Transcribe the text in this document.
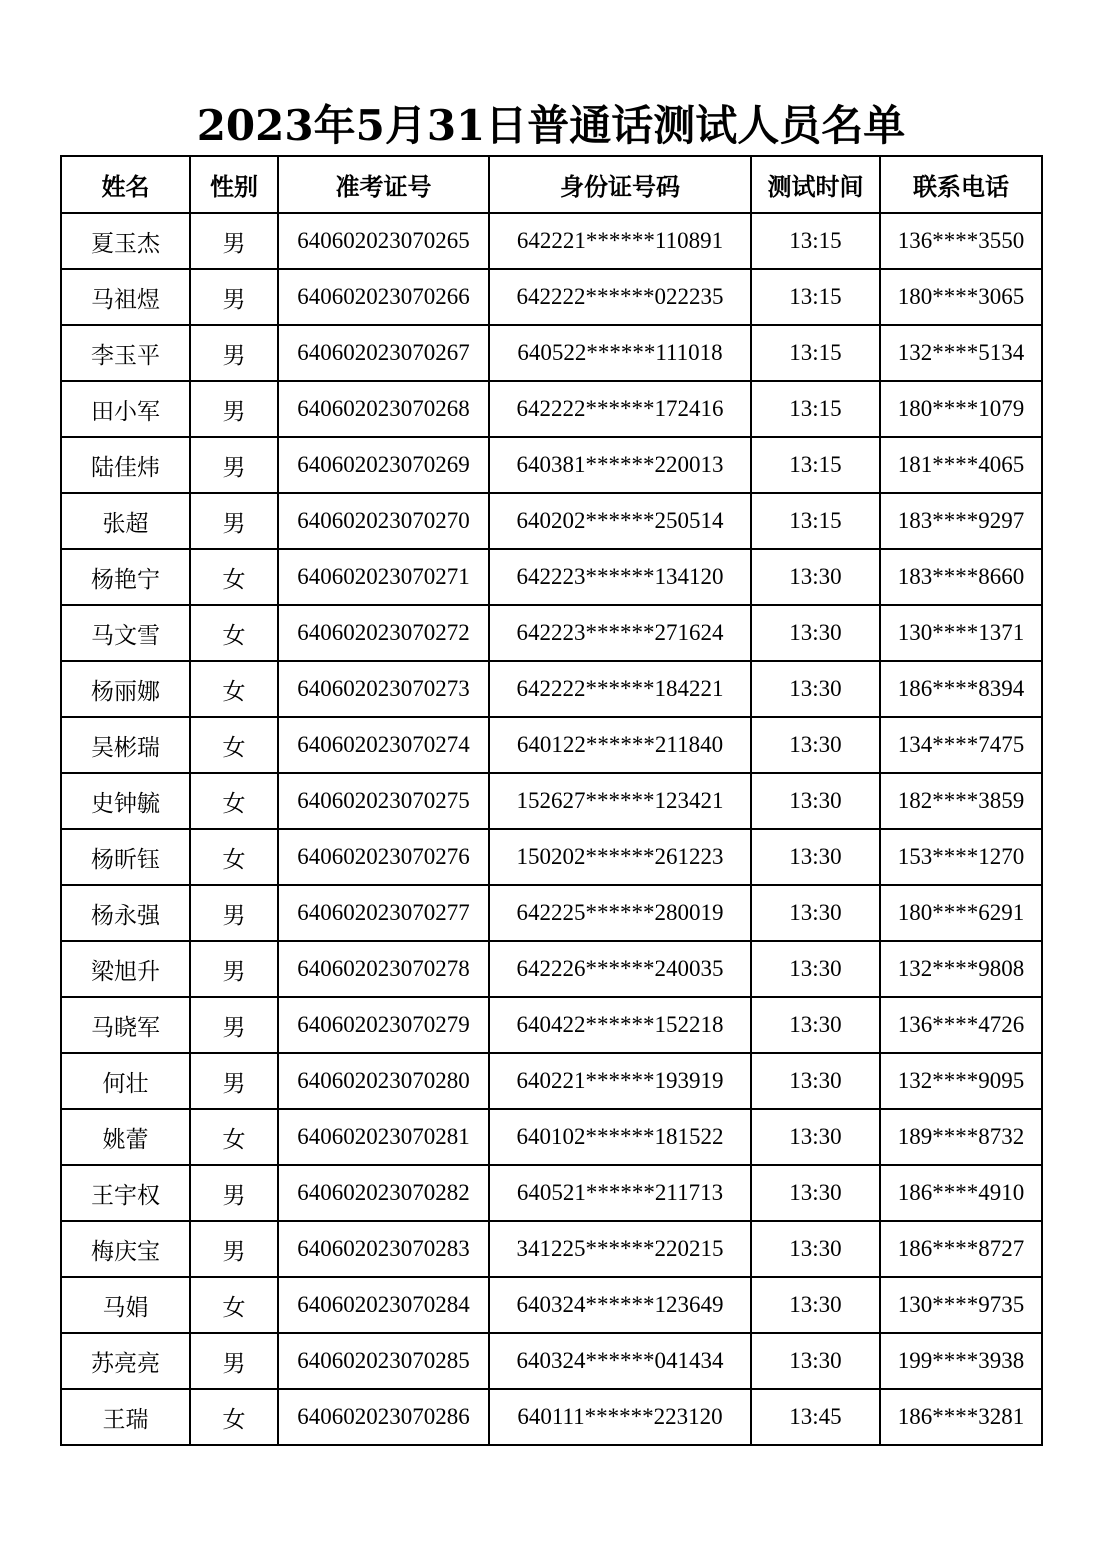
2023年5月31日普通话测试人员名单
姓名	性别	准考证号	身份证号码	测试时间	联系电话
夏玉杰	男	640602023070265	642221******110891	13:15	136****3550
马祖煜	男	640602023070266	642222******022235	13:15	180****3065
李玉平	男	640602023070267	640522******111018	13:15	132****5134
田小军	男	640602023070268	642222******172416	13:15	180****1079
陆佳炜	男	640602023070269	640381******220013	13:15	181****4065
张超	男	640602023070270	640202******250514	13:15	183****9297
杨艳宁	女	640602023070271	642223******134120	13:30	183****8660
马文雪	女	640602023070272	642223******271624	13:30	130****1371
杨丽娜	女	640602023070273	642222******184221	13:30	186****8394
吴彬瑞	女	640602023070274	640122******211840	13:30	134****7475
史钟毓	女	640602023070275	152627******123421	13:30	182****3859
杨昕钰	女	640602023070276	150202******261223	13:30	153****1270
杨永强	男	640602023070277	642225******280019	13:30	180****6291
梁旭升	男	640602023070278	642226******240035	13:30	132****9808
马晓军	男	640602023070279	640422******152218	13:30	136****4726
何壮	男	640602023070280	640221******193919	13:30	132****9095
姚蕾	女	640602023070281	640102******181522	13:30	189****8732
王宇权	男	640602023070282	640521******211713	13:30	186****4910
梅庆宝	男	640602023070283	341225******220215	13:30	186****8727
马娟	女	640602023070284	640324******123649	13:30	130****9735
苏亮亮	男	640602023070285	640324******041434	13:30	199****3938
王瑞	女	640602023070286	640111******223120	13:45	186****3281
